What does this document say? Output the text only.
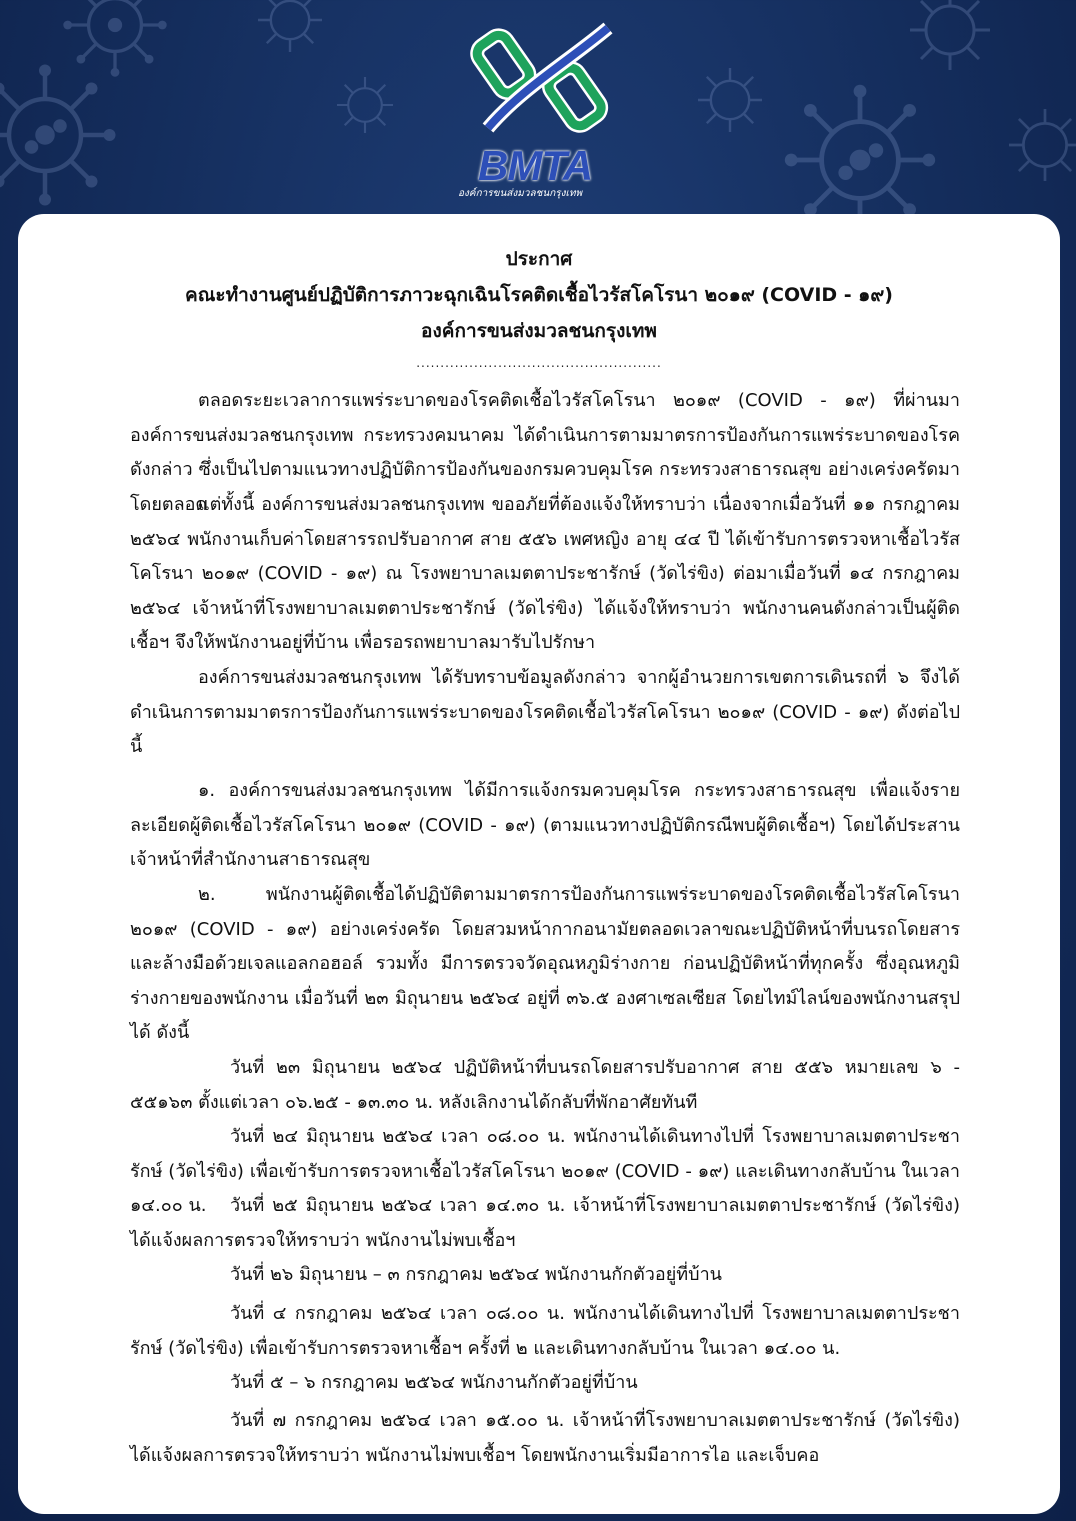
BMTA
องค์การขนส่งมวลชนกรุงเทพ
ประกาศ
คณะทำงานศูนย์ปฏิบัติการภาวะฉุกเฉินโรคติดเชื้อไวรัสโคโรนา ๒๐๑๙ (COVID - ๑๙)
องค์การขนส่งมวลชนกรุงเทพ
...................................................

ตลอดระยะเวลาการแพร่ระบาดของโรคติดเชื้อไวรัสโคโรนา ๒๐๑๙ (COVID - ๑๙) ที่ผ่านมาองค์การขนส่งมวลชนกรุงเทพ กระทรวงคมนาคม ได้ดำเนินการตามมาตรการป้องกันการแพร่ระบาดของโรคดังกล่าว ซึ่งเป็นไปตามแนวทางปฏิบัติการป้องกันของกรมควบคุมโรค กระทรวงสาธารณสุข อย่างเคร่งครัดมาโดยตลอด

แต่ทั้งนี้ องค์การขนส่งมวลชนกรุงเทพ ขออภัยที่ต้องแจ้งให้ทราบว่า เนื่องจากเมื่อวันที่ ๑๑ กรกฎาคม ๒๕๖๔ พนักงานเก็บค่าโดยสารรถปรับอากาศ สาย ๕๕๖ เพศหญิง อายุ ๔๔ ปี ได้เข้ารับการตรวจหาเชื้อไวรัสโคโรนา ๒๐๑๙ (COVID - ๑๙) ณ โรงพยาบาลเมตตาประชารักษ์ (วัดไร่ขิง) ต่อมาเมื่อวันที่ ๑๔ กรกฎาคม ๒๕๖๔ เจ้าหน้าที่โรงพยาบาลเมตตาประชารักษ์ (วัดไร่ขิง) ได้แจ้งให้ทราบว่า พนักงานคนดังกล่าวเป็นผู้ติดเชื้อฯ จึงให้พนักงานอยู่ที่บ้าน เพื่อรอรถพยาบาลมารับไปรักษา

องค์การขนส่งมวลชนกรุงเทพ ได้รับทราบข้อมูลดังกล่าว จากผู้อำนวยการเขตการเดินรถที่ ๖ จึงได้ดำเนินการตามมาตรการป้องกันการแพร่ระบาดของโรคติดเชื้อไวรัสโคโรนา ๒๐๑๙ (COVID - ๑๙) ดังต่อไปนี้

๑. องค์การขนส่งมวลชนกรุงเทพ ได้มีการแจ้งกรมควบคุมโรค กระทรวงสาธารณสุข เพื่อแจ้งรายละเอียดผู้ติดเชื้อไวรัสโคโรนา ๒๐๑๙ (COVID - ๑๙) (ตามแนวทางปฏิบัติกรณีพบผู้ติดเชื้อฯ) โดยได้ประสานเจ้าหน้าที่สำนักงานสาธารณสุข

๒. พนักงานผู้ติดเชื้อได้ปฏิบัติตามมาตรการป้องกันการแพร่ระบาดของโรคติดเชื้อไวรัสโคโรนา ๒๐๑๙ (COVID - ๑๙) อย่างเคร่งครัด โดยสวมหน้ากากอนามัยตลอดเวลาขณะปฏิบัติหน้าที่บนรถโดยสาร และล้างมือด้วยเจลแอลกอฮอล์ รวมทั้ง มีการตรวจวัดอุณหภูมิร่างกาย ก่อนปฏิบัติหน้าที่ทุกครั้ง ซึ่งอุณหภูมิร่างกายของพนักงาน เมื่อวันที่ ๒๓ มิถุนายน ๒๕๖๔ อยู่ที่ ๓๖.๕ องศาเซลเซียส โดยไทม์ไลน์ของพนักงานสรุปได้ ดังนี้

วันที่ ๒๓ มิถุนายน ๒๕๖๔ ปฏิบัติหน้าที่บนรถโดยสารปรับอากาศ สาย ๕๕๖ หมายเลข ๖ - ๕๕๑๖๓ ตั้งแต่เวลา ๐๖.๒๕ - ๑๓.๓๐ น. หลังเลิกงานได้กลับที่พักอาศัยทันที

วันที่ ๒๔ มิถุนายน ๒๕๖๔ เวลา ๐๘.๐๐ น. พนักงานได้เดินทางไปที่ โรงพยาบาลเมตตาประชารักษ์ (วัดไร่ขิง) เพื่อเข้ารับการตรวจหาเชื้อไวรัสโคโรนา ๒๐๑๙ (COVID - ๑๙) และเดินทางกลับบ้าน ในเวลา ๑๔.๐๐ น.	วันที่ ๒๕ มิถุนายน ๒๕๖๔ เวลา ๑๔.๓๐ น. เจ้าหน้าที่โรงพยาบาลเมตตาประชารักษ์ (วัดไร่ขิง) ได้แจ้งผลการตรวจให้ทราบว่า พนักงานไม่พบเชื้อฯ

วันที่ ๒๖ มิถุนายน – ๓ กรกฎาคม ๒๕๖๔ พนักงานกักตัวอยู่ที่บ้าน

วันที่ ๔ กรกฎาคม ๒๕๖๔ เวลา ๐๘.๐๐ น. พนักงานได้เดินทางไปที่ โรงพยาบาลเมตตาประชารักษ์ (วัดไร่ขิง) เพื่อเข้ารับการตรวจหาเชื้อฯ ครั้งที่ ๒ และเดินทางกลับบ้าน ในเวลา ๑๔.๐๐ น.

วันที่ ๕ – ๖ กรกฎาคม ๒๕๖๔ พนักงานกักตัวอยู่ที่บ้าน

วันที่ ๗ กรกฎาคม ๒๕๖๔ เวลา ๑๕.๐๐ น. เจ้าหน้าที่โรงพยาบาลเมตตาประชารักษ์ (วัดไร่ขิง) ได้แจ้งผลการตรวจให้ทราบว่า พนักงานไม่พบเชื้อฯ โดยพนักงานเริ่มมีอาการไอ และเจ็บคอ
